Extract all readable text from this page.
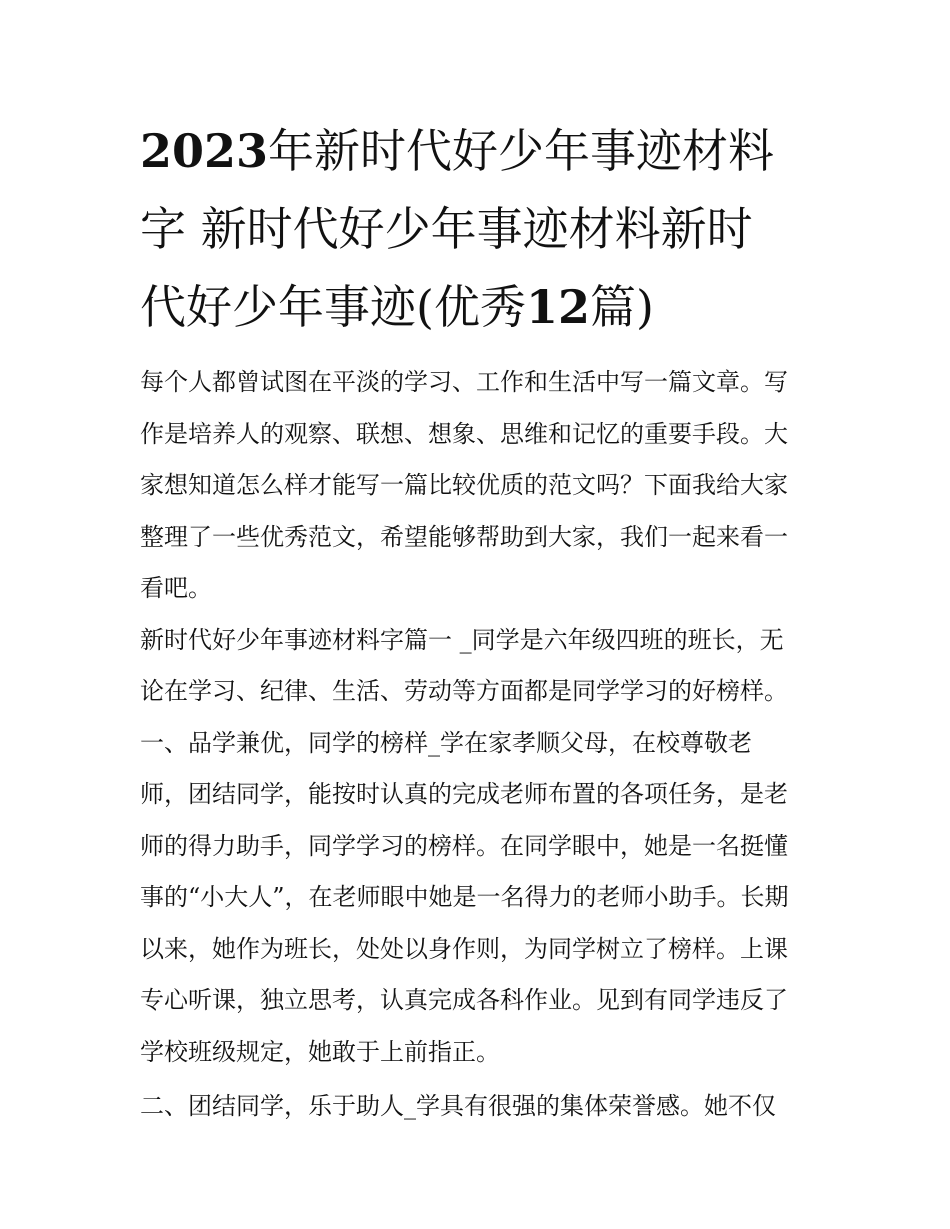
2023年新时代好少年事迹材料
字 新时代好少年事迹材料新时
代好少年事迹(优秀12篇)
每个人都曾试图在平淡的学习、工作和生活中写一篇文章。写
作是培养人的观察、联想、想象、思维和记忆的重要手段。大
家想知道怎么样才能写一篇比较优质的范文吗？下面我给大家
整理了一些优秀范文，希望能够帮助到大家，我们一起来看一
看吧。
新时代好少年事迹材料字篇一 _同学是六年级四班的班长，无
论在学习、纪律、生活、劳动等方面都是同学学习的好榜样。
一、品学兼优，同学的榜样_学在家孝顺父母，在校尊敬老
师，团结同学，能按时认真的完成老师布置的各项任务，是老
师的得力助手，同学学习的榜样。在同学眼中，她是一名挺懂
事的“小大人”，在老师眼中她是一名得力的老师小助手。长期
以来，她作为班长，处处以身作则，为同学树立了榜样。上课
专心听课，独立思考，认真完成各科作业。见到有同学违反了
学校班级规定，她敢于上前指正。
二、团结同学，乐于助人_学具有很强的集体荣誉感。她不仅
